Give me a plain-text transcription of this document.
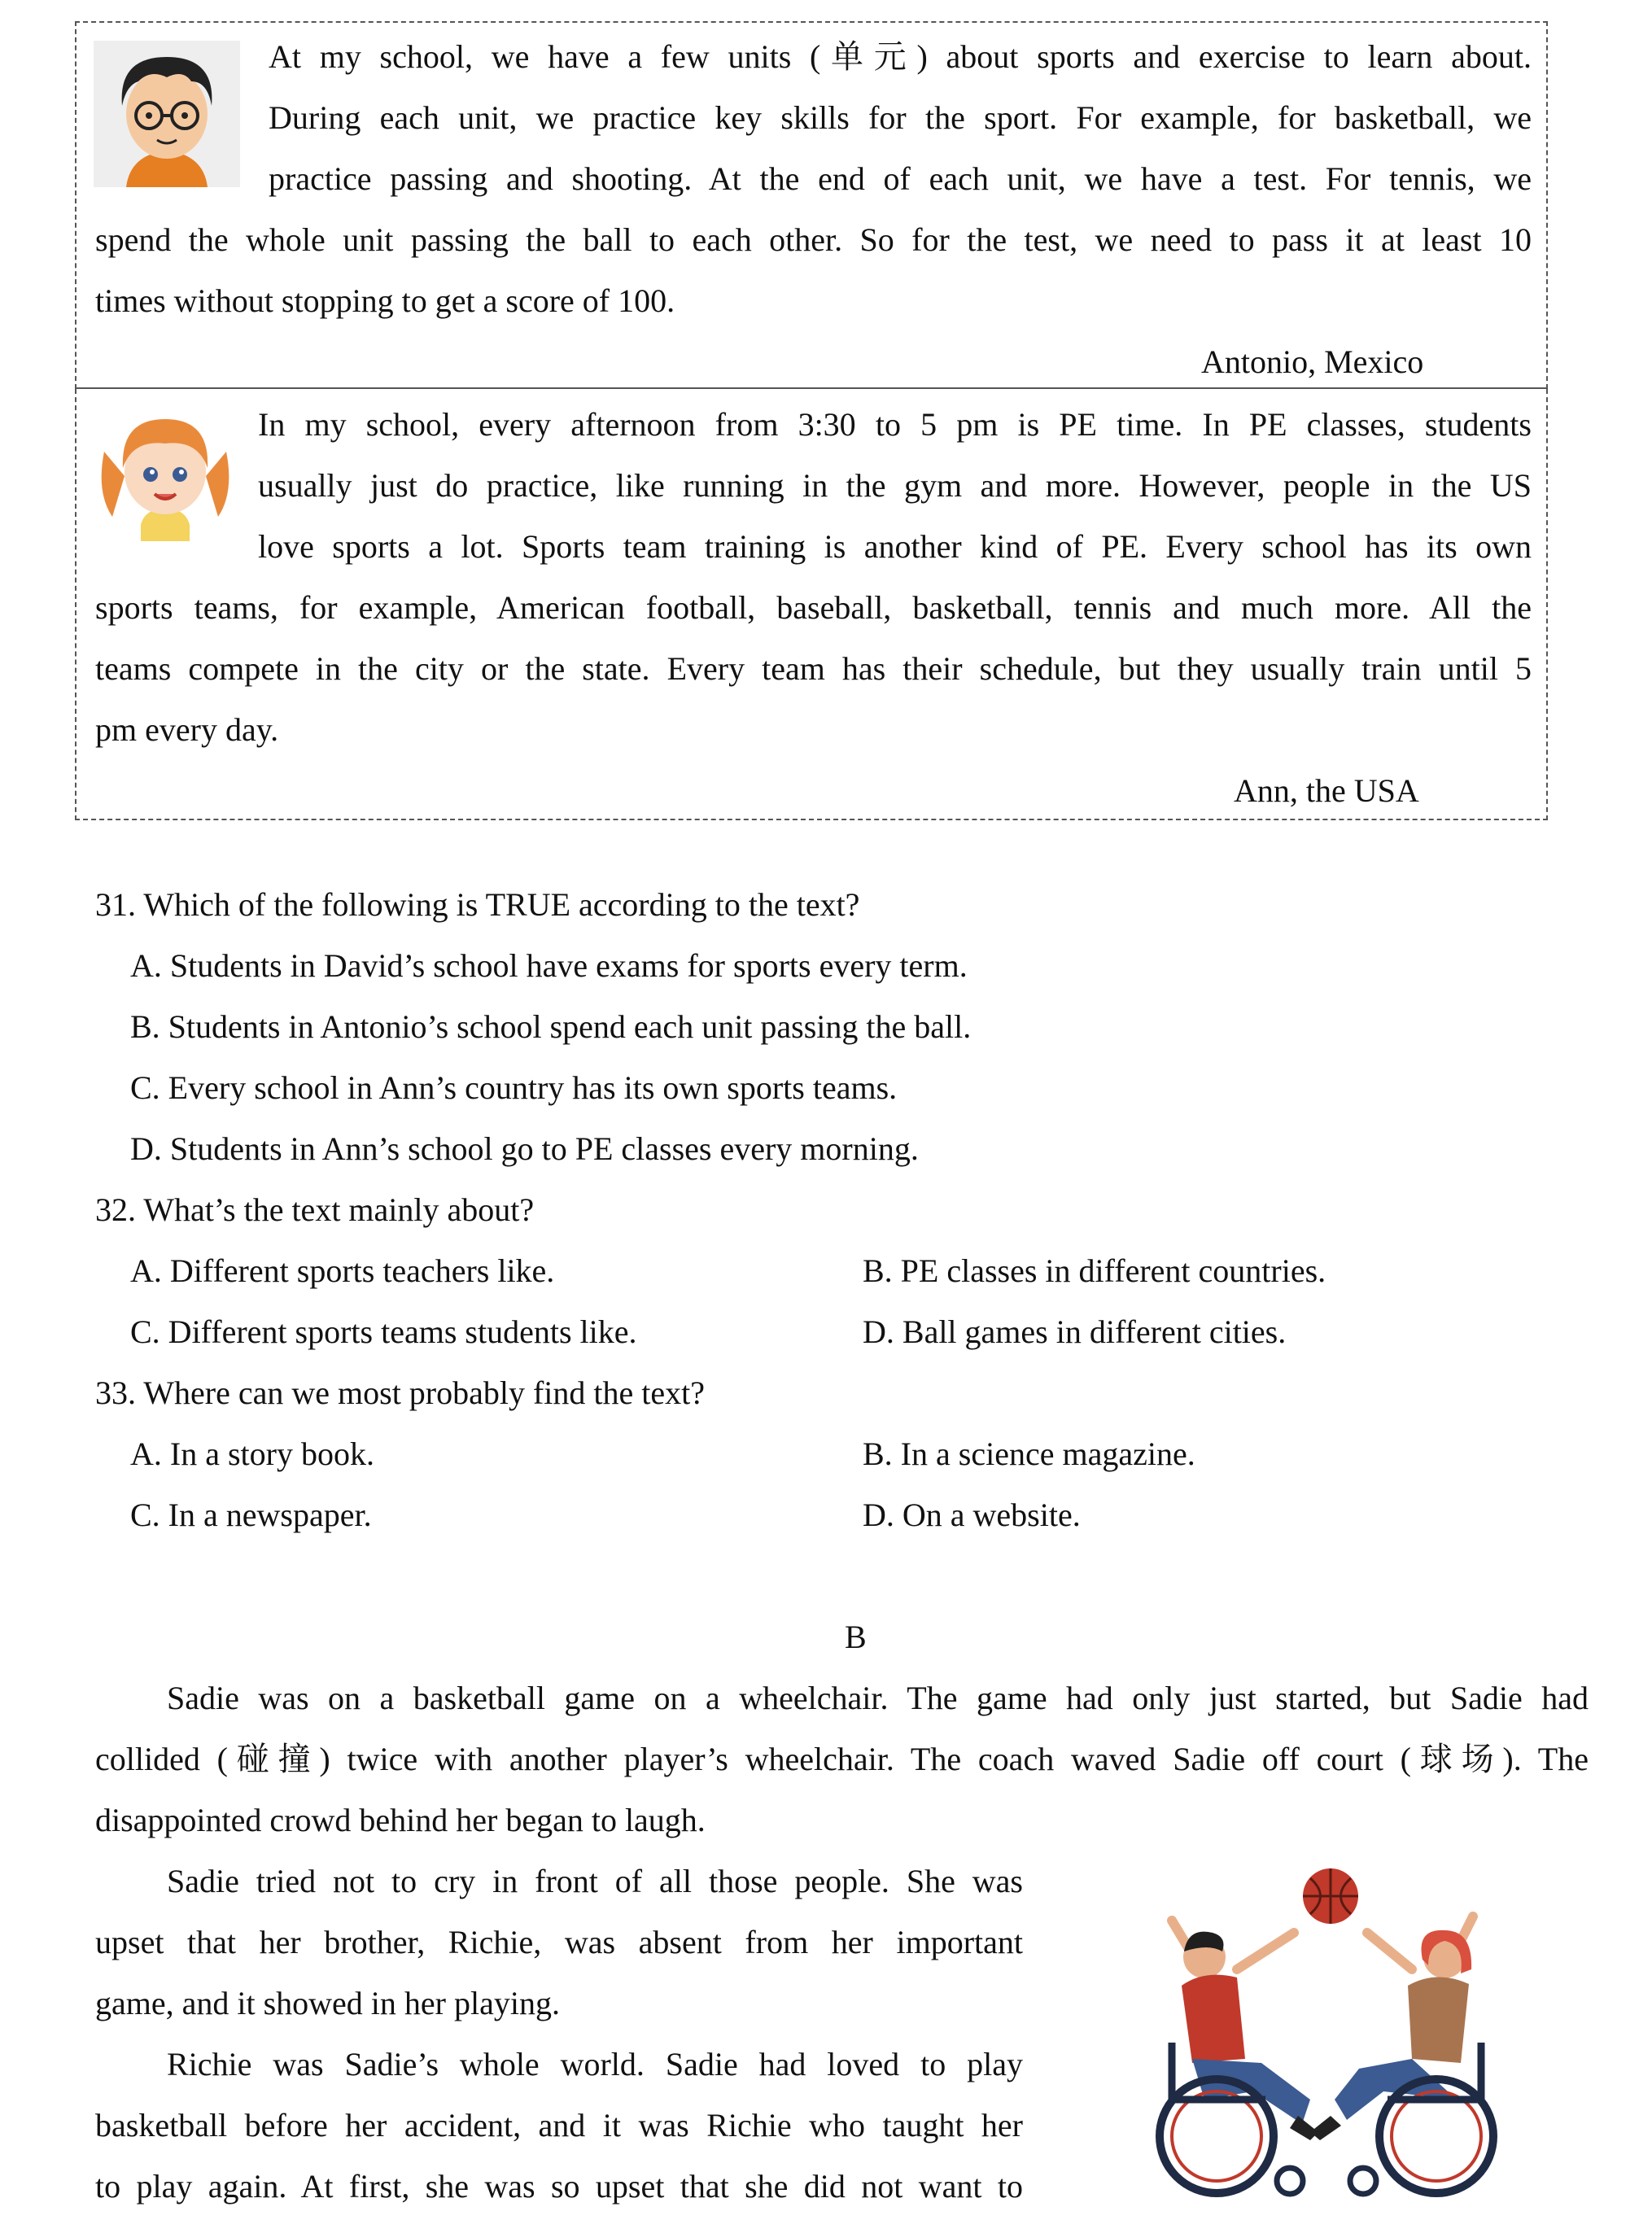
At my school, we have a few units (单元) about sports and exercise to learn about.
During each unit, we practice key skills for the sport. For example, for basketball, we
practice passing and shooting. At the end of each unit, we have a test. For tennis, we
spend the whole unit passing the ball to each other. So for the test, we need to pass it at least 10
times without stopping to get a score of 100.
Antonio, Mexico
In my school, every afternoon from 3:30 to 5 pm is PE time. In PE classes, students
usually just do practice, like running in the gym and more. However, people in the US
love sports a lot. Sports team training is another kind of PE. Every school has its own
sports teams, for example, American football, baseball, basketball, tennis and much more. All the
teams compete in the city or the state. Every team has their schedule, but they usually train until 5
pm every day.
Ann, the USA
31. Which of the following is TRUE according to the text?
A. Students in David’s school have exams for sports every term.
B. Students in Antonio’s school spend each unit passing the ball.
C. Every school in Ann’s country has its own sports teams.
D. Students in Ann’s school go to PE classes every morning.
32. What’s the text mainly about?
A. Different sports teachers like.	B. PE classes in different countries.
C. Different sports teams students like.	D. Ball games in different cities.
33. Where can we most probably find the text?
A. In a story book.	B. In a science magazine.
C. In a newspaper.	D. On a website.
B
Sadie was on a basketball game on a wheelchair. The game had only just started, but Sadie had
collided (碰撞) twice with another player’s wheelchair. The coach waved Sadie off court (球场). The
disappointed crowd behind her began to laugh.
Sadie tried not to cry in front of all those people. She was
upset that her brother, Richie, was absent from her important
game, and it showed in her playing.
Richie was Sadie’s whole world. Sadie had loved to play
basketball before her accident, and it was Richie who taught her
to play again. At first, she was so upset that she did not want to
